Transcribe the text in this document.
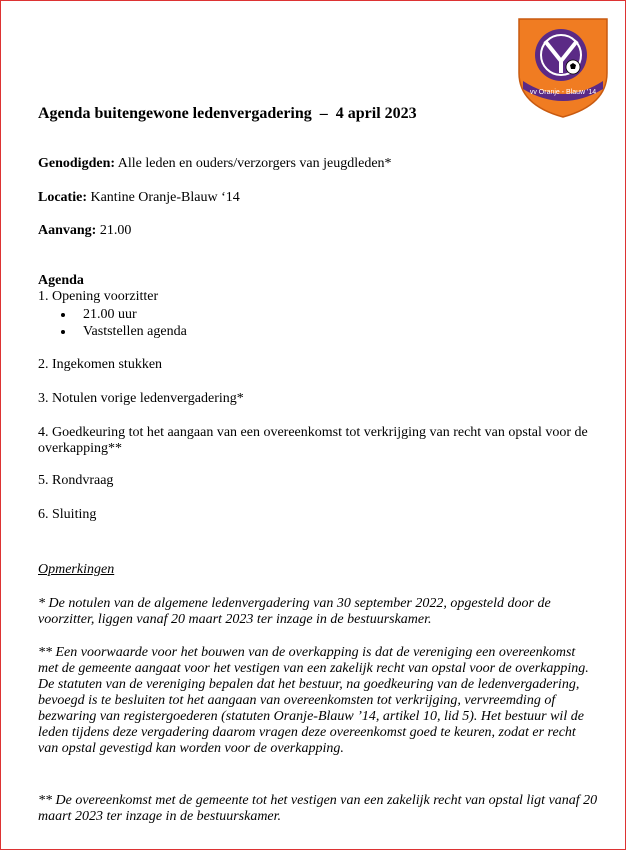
vv Oranje - Blauw '14
Agenda buitengewone ledenvergadering  –  4 april 2023
Genodigden: Alle leden en ouders/verzorgers van jeugdleden*
Locatie: Kantine Oranje-Blauw ‘14
Aanvang: 21.00
Agenda
1. Opening voorzitter
21.00 uur
Vaststellen agenda
2. Ingekomen stukken
3. Notulen vorige ledenvergadering*
4. Goedkeuring tot het aangaan van een overeenkomst tot verkrijging van recht van opstal voor de overkapping**
5. Rondvraag
6. Sluiting
Opmerkingen
* De notulen van de algemene ledenvergadering van 30 september 2022, opgesteld door de voorzitter, liggen vanaf 20 maart 2023 ter inzage in de bestuurskamer.
** Een voorwaarde voor het bouwen van de overkapping is dat de vereniging een overeenkomst met de gemeente aangaat voor het vestigen van een zakelijk recht van opstal voor de overkapping. De statuten van de vereniging bepalen dat het bestuur, na goedkeuring van de ledenvergadering, bevoegd is te besluiten tot het aangaan van overeenkomsten tot verkrijging, vervreemding of bezwaring van registergoederen (statuten Oranje-Blauw ’14, artikel 10, lid 5). Het bestuur wil de leden tijdens deze vergadering daarom vragen deze overeenkomst goed te keuren, zodat er recht van opstal gevestigd kan worden voor de overkapping.
** De overeenkomst met de gemeente tot het vestigen van een zakelijk recht van opstal ligt vanaf 20 maart 2023 ter inzage in de bestuurskamer.
